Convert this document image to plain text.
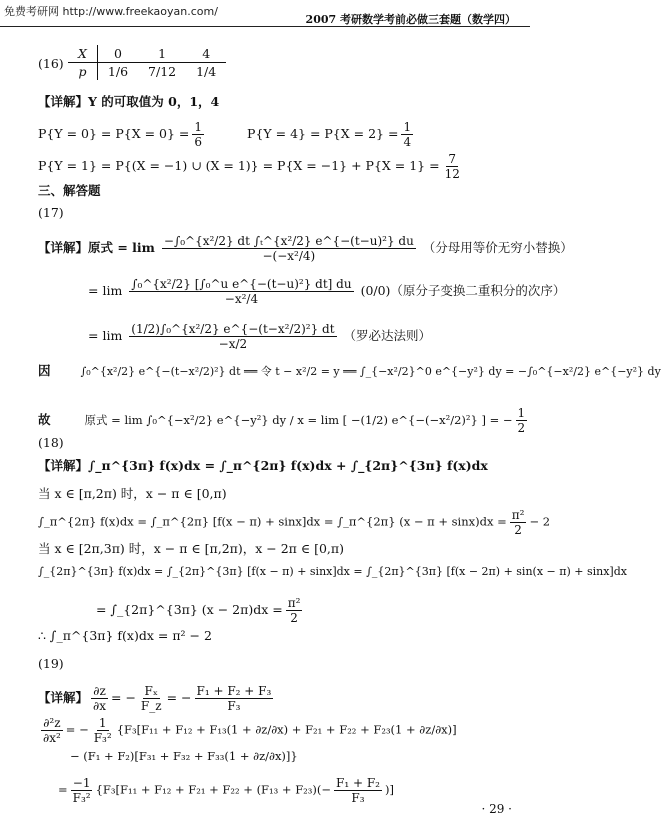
免费考研网 http://www.freekaoyan.com/
2007 考研数学考前必做三套题（数学四）
(16)
X	0	1	4
p	1/6	7/12	1/4
【详解】Y 的可取值为 0，1，4
$P\{Y = 0\} = P\{X = 0\} = \frac{1}{6}$	$P\{Y = 4\} = P\{X = 2\} = \frac{1}{4}$
P{Y = 1} = P{(X = −1) ∪ $(X = 1)\} = P\{X = -1\} + P\{X = 1\} = \frac{7}{12}$
三、解答题
(17)
【详解】原式 = $\lim \frac{\text{−∫₀\textasciicircum{}\{x²/2\} dt ∫ₜ\textasciicircum{}\{x²/2\} e\textasciicircum{}\{−(t−u)²\} du}}{\text{−(−x²/4)}}$ （分母用等价无穷小替换）
= $\lim \frac{\text{∫₀\textasciicircum{}\{x²/2\} [∫₀\textasciicircum{}u e\textasciicircum{}\{−(t−u)²\} dt] du}}{\text{−x²/4}} (0/0)$（原分子变换二重积分的次序）
= $\lim \frac{\text{(1/2)∫₀\textasciicircum{}\{x²/2\} e\textasciicircum{}\{−(t−x²/2)²\} dt}}{-x/2}$ （罗必达法则）
因	∫₀^{x²/2} e^{−(t−x²/2)²} dt ══ 令 t − x²/2 = y ══ ∫_{−x²/2}^0 e^{−y²} dy = −∫₀^{−x²/2} e^{−y²} dy
故	原式 = lim ∫₀^{−x²/2} e^{−y²} dy / x = lim [ −(1/2) e^{−(−x²/2)²} ] = − $\frac{1}{2}$
(18)
【详解】∫_π^{3π} f(x)dx = ∫_π^{2π} f(x)dx + ∫_{2π}^{3π} f(x)dx
当 x ∈ [π,2π) 时，x − π ∈ [0,π)
∫_π^{2π} f(x)dx = ∫_π^{2π} [f(x − π) + sinx]dx = ∫_π^{2π} $(x - \pi + \sin x)dx = \frac{\text{π²}}{2} - 2$
当 x ∈ [2π,3π) 时，x − π ∈ [π,2π)，x − 2π ∈ [0,π)
∫_{2π}^{3π} f(x)dx = ∫_{2π}^{3π} [f(x − π) + sinx]dx = ∫_{2π}^{3π} [f(x − 2π) + sin(x − π) + sinx]dx
= ∫_{2π}^{3π} $(x - 2\pi)dx = \frac{\text{π²}}{2}$
∴ ∫_π^{3π} f(x)dx = π² − 2
(19)
【详解】 $\frac{\partial z}{\partial x}$ = − $\frac{\text{Fₓ}}{F\_z}$ = − $\frac{\text{F₁ + F₂ + F₃}}{\text{F₃}}$
$\frac{\text{∂²z}}{\text{∂x²}}$ = − $\frac{1}{\text{F₃²}} \{F_3[F_{11} + F_{12} + F_{13}(1 + \partial z/\partial x) + F_{21} + F_{22} + F_{23}(1 + \partial z/\partial x)]$
− (F₁ + F₂)[F₃₁ + F₃₂ + F₃₃(1 + ∂z/∂x)]}
= $\frac{-1}{\text{F₃²}} \{F_3[F_{11} + F_{12} + F_{21} + F_{22} + (F_{13} + F_{23})(- \frac{\text{F₁ + F₂}}{\text{F₃}}$ )]
· 29 ·
